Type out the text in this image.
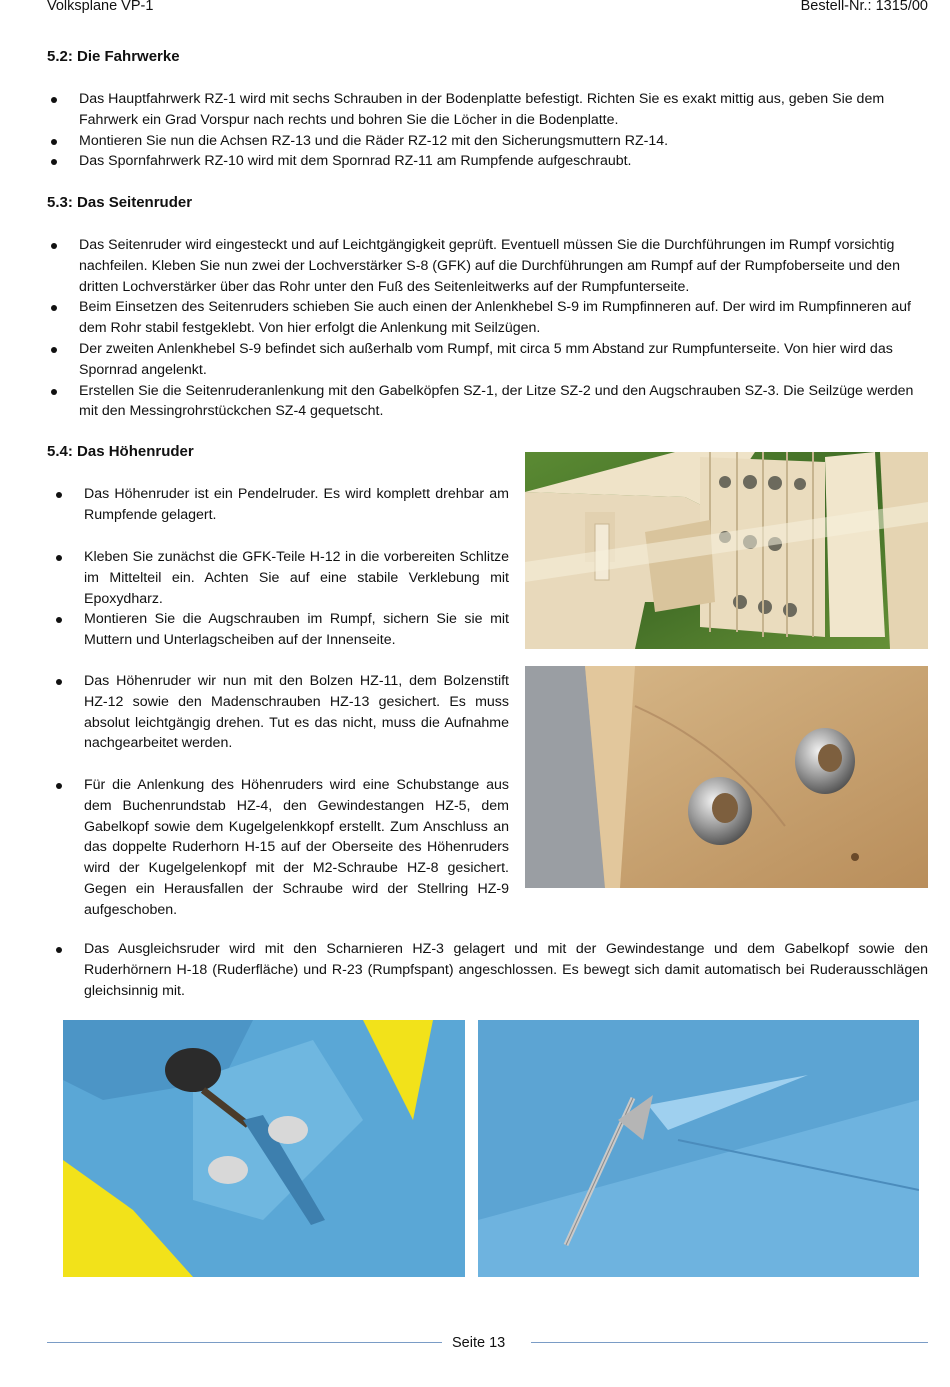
Volksplane VP-1	Bestell-Nr.: 1315/00
5.2: Die Fahrwerke
Das Hauptfahrwerk RZ-1 wird mit sechs Schrauben in der Bodenplatte befestigt. Richten Sie es exakt mittig aus, geben Sie dem Fahrwerk ein Grad Vorspur nach rechts und bohren Sie die Löcher in die Bodenplatte.
Montieren Sie nun die Achsen RZ-13 und die Räder RZ-12 mit den Sicherungsmuttern RZ-14.
Das Spornfahrwerk RZ-10 wird mit dem Spornrad RZ-11 am Rumpfende aufgeschraubt.
5.3: Das Seitenruder
Das Seitenruder wird eingesteckt und auf Leichtgängigkeit geprüft. Eventuell müssen Sie die Durchführungen im Rumpf vorsichtig nachfeilen. Kleben Sie nun zwei der Lochverstärker S-8 (GFK) auf die Durchführungen am Rumpf auf der Rumpfoberseite und den dritten Lochverstärker über das Rohr unter den Fuß des Seitenleitwerks auf der Rumpfunterseite.
Beim Einsetzen des Seitenruders schieben Sie auch einen der Anlenkhebel S-9 im Rumpfinneren auf. Der wird im Rumpfinneren auf dem Rohr stabil festgeklebt. Von hier erfolgt die Anlenkung mit Seilzügen.
Der zweiten Anlenkhebel S-9 befindet sich außerhalb vom Rumpf, mit circa 5 mm Abstand zur Rumpfunterseite. Von hier wird das Spornrad angelenkt.
Erstellen Sie die Seitenruderanlenkung mit den Gabelköpfen SZ-1, der Litze SZ-2 und den Augschrauben SZ-3. Die Seilzüge werden mit den Messingrohrstückchen SZ-4 gequetscht.
5.4: Das Höhenruder
Das Höhenruder ist ein Pendelruder. Es wird komplett drehbar am Rumpfende gelagert.
Kleben Sie zunächst die GFK-Teile H-12 in die vorbereiten Schlitze im Mittelteil ein. Achten Sie auf eine stabile Verklebung mit Epoxydharz.
Montieren Sie die Augschrauben im Rumpf, sichern Sie sie mit Muttern und Unterlagscheiben auf der Innenseite.
Das Höhenruder wir nun mit den Bolzen HZ-11, dem Bolzenstift HZ-12 sowie den Madenschrauben HZ-13 gesichert. Es muss absolut leichtgängig drehen. Tut es das nicht, muss die Aufnahme nachgearbeitet werden.
Für die Anlenkung des Höhenruders wird eine Schubstange aus dem Buchenrundstab HZ-4, den Gewindestangen HZ-5, dem Gabelkopf sowie dem Kugelgelenkkopf erstellt. Zum Anschluss an das doppelte Ruderhorn H-15 auf der Oberseite des Höhenruders wird der Kugelgelenkopf mit der M2-Schraube HZ-8 gesichert. Gegen ein Herausfallen der Schraube wird der Stellring HZ-9 aufgeschoben.
Das Ausgleichsruder wird mit den Scharnieren HZ-3 gelagert und mit der Gewindestange und dem Gabelkopf sowie den Ruderhörnern H-18 (Ruderfläche) und R-23 (Rumpfspant) angeschlossen. Es bewegt sich damit automatisch bei Ruderausschlägen gleichsinnig mit.
Seite 13
